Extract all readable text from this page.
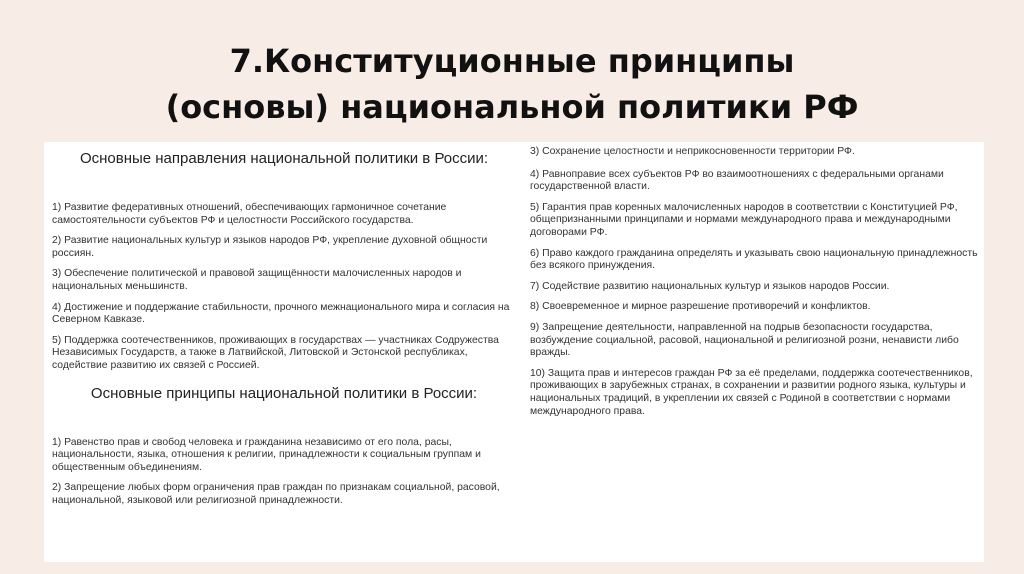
7.Конституционные принципы
(основы) национальной политики РФ
Основные направления национальной политики в России:
1) Развитие федеративных отношений, обеспечивающих гармоничное сочетание самостоятельности субъектов РФ и целостности Российского государства.
2) Развитие национальных культур и языков народов РФ, укрепление духовной общности россиян.
3) Обеспечение политической и правовой защищённости малочисленных народов и национальных меньшинств.
4) Достижение и поддержание стабильности, прочного межнационального мира и согласия на Северном Кавказе.
5) Поддержка соотечественников, проживающих в государствах — участниках Содружества Независимых Государств, а также в Латвийской, Литовской и Эстонской республиках, содействие развитию их связей с Россией.
Основные принципы национальной политики в России:
1) Равенство прав и свобод человека и гражданина независимо от его пола, расы, национальности, языка, отношения к религии, принадлежности к социальным группам и общественным объединениям.
2) Запрещение любых форм ограничения прав граждан по признакам социальной, расовой, национальной, языковой или религиозной принадлежности.
3) Сохранение целостности и неприкосновенности территории РФ.
4) Равноправие всех субъектов РФ во взаимоотношениях с федеральными органами государственной власти.
5) Гарантия прав коренных малочисленных народов в соответствии с Конституцией РФ, общепризнанными принципами и нормами международного права и международными договорами РФ.
6) Право каждого гражданина определять и указывать свою национальную принадлежность без всякого принуждения.
7) Содействие развитию национальных культур и языков народов России.
8) Своевременное и мирное разрешение противоречий и конфликтов.
9) Запрещение деятельности, направленной на подрыв безопасности государства, возбуждение социальной, расовой, национальной и религиозной розни, ненависти либо вражды.
10) Защита прав и интересов граждан РФ за её пределами, поддержка соотечественников, проживающих в зарубежных странах, в сохранении и развитии родного языка, культуры и национальных традиций, в укреплении их связей с Родиной в соответствии с нормами международного права.
